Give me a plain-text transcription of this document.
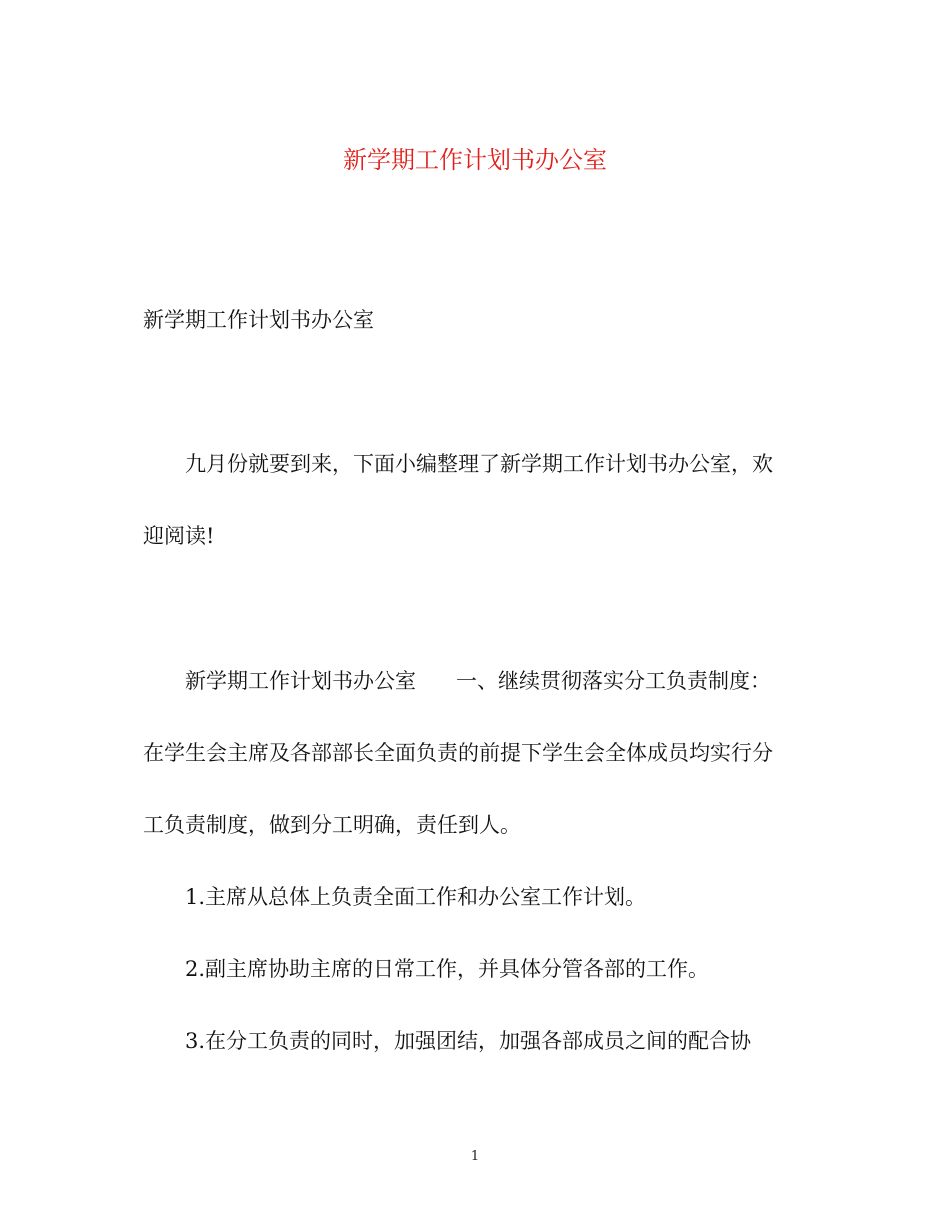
新学期工作计划书办公室
新学期工作计划书办公室
九月份就要到来，下面小编整理了新学期工作计划书办公室，欢
迎阅读!
新学期工作计划书办公室 一、继续贯彻落实分工负责制度：
在学生会主席及各部部长全面负责的前提下学生会全体成员均实行分
工负责制度，做到分工明确，责任到人。
1.主席从总体上负责全面工作和办公室工作计划。
2.副主席协助主席的日常工作，并具体分管各部的工作。
3.在分工负责的同时，加强团结，加强各部成员之间的配合协
1
